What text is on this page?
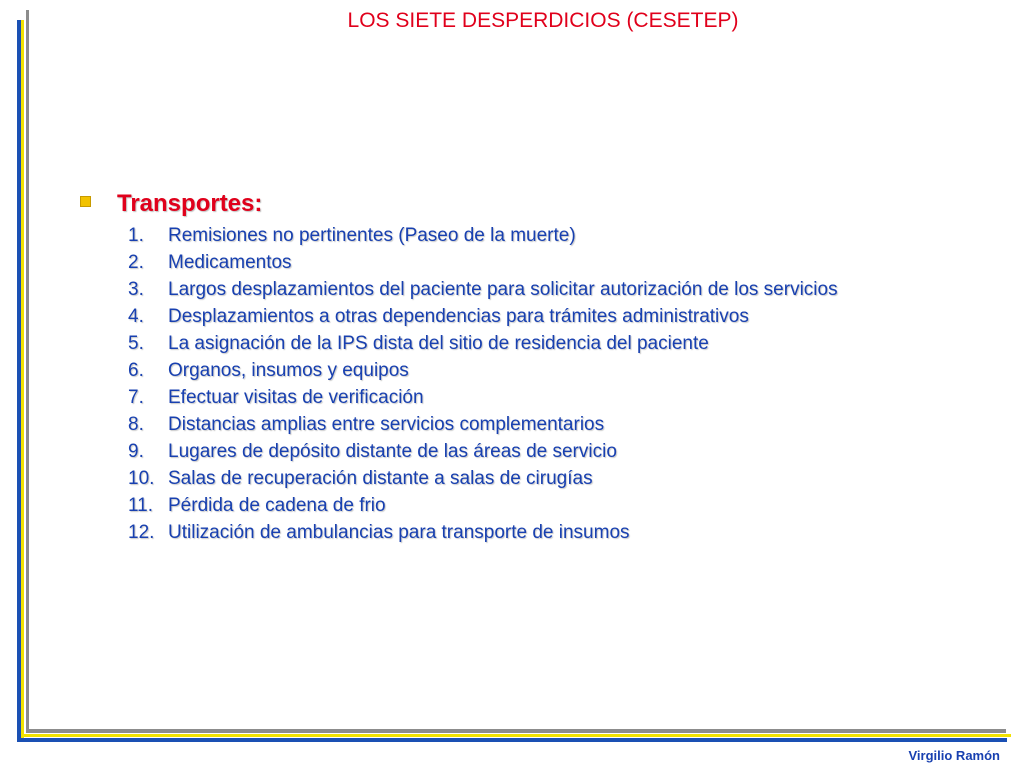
LOS SIETE DESPERDICIOS (CESETEP)
Transportes:
1.	Remisiones no pertinentes (Paseo de la muerte)
2.	Medicamentos
3.	Largos desplazamientos del paciente para solicitar autorización de los servicios
4.	Desplazamientos a otras dependencias para trámites administrativos
5.	La asignación de la IPS dista del sitio de residencia del paciente
6.	Organos, insumos y equipos
7.	Efectuar visitas de verificación
8.	Distancias amplias entre servicios complementarios
9.	Lugares de depósito distante de las áreas de servicio
10. Salas de recuperación distante a salas de cirugías
11. Pérdida de cadena de frio
12. Utilización de ambulancias para transporte de insumos
Virgilio Ramón
